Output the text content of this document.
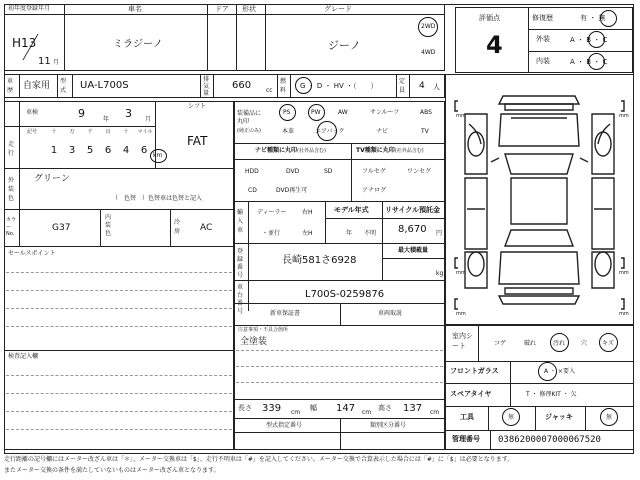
初年度登録年月
H13
11 月
車名
ミラジーノ
ドア 形状	グレード
ジーノ
2WD
4WD
車歴 自家用 型式 UA-L700S
排気量
660 cc
燃料
G ・ D ・ HV ・（　　）
定員 4 人
評価点
4
修復歴	有 ・ 無
外装	A ・ B ・ C
内装	A ・ B ・ C
車検	9	年 3 月
シフト
FAT
走行
記号	十	万	千	百	十	マイル
1	3	5	6	4	6 km
外装色
グリーン
（　色替　）色替車は色替と記入
カラーNo.
G37
内装色
冷房 AC
セールスポイント
検査記入欄
装備品に丸印
(純正のみ)
PS	PW	AW	サンルーフ	ABS
本革	エアバック	ナビ	TV
ナビ種類に丸印(社外品含む)	TV種類に丸印(社外品含む)
HDD	DVD	SD
CD	DVD再生可
フルセグ	ワンセグ
アナログ
輸入車
ディーラー
・並行
右H
左H
モデル年式
年 不明
リサイクル預託金
8,670 円
登録番号
長崎581さ6928
最大積載量
kg
車台番号
L700S-0259876
新車保証書	車両取説
注意事項・不具合箇所
全塗装
長さ 339 cm
幅 147 cm
高さ 137 cm
型式指定番号	類別区分番号
mm	mm
mm	mm
mm	mm
室内シート	コゲ	破れ	汚れ	穴 キズ
フロントガラス	A ・ ×要入
スペアタイヤ	T ・ 修理KIT ・ 欠
工具	無	ジャッキ	無
管理番号 0386200007000067520
走行距離の記号欄にはメーター改ざん車は「＊」、メーター交換車は「$」、走行不明車は「#」を記入してください。メーター交換で合算表示した場合には「#」に「$」は必要となります。
またメーター交換の条件を満たしていないものはメーター改ざん車となります。
